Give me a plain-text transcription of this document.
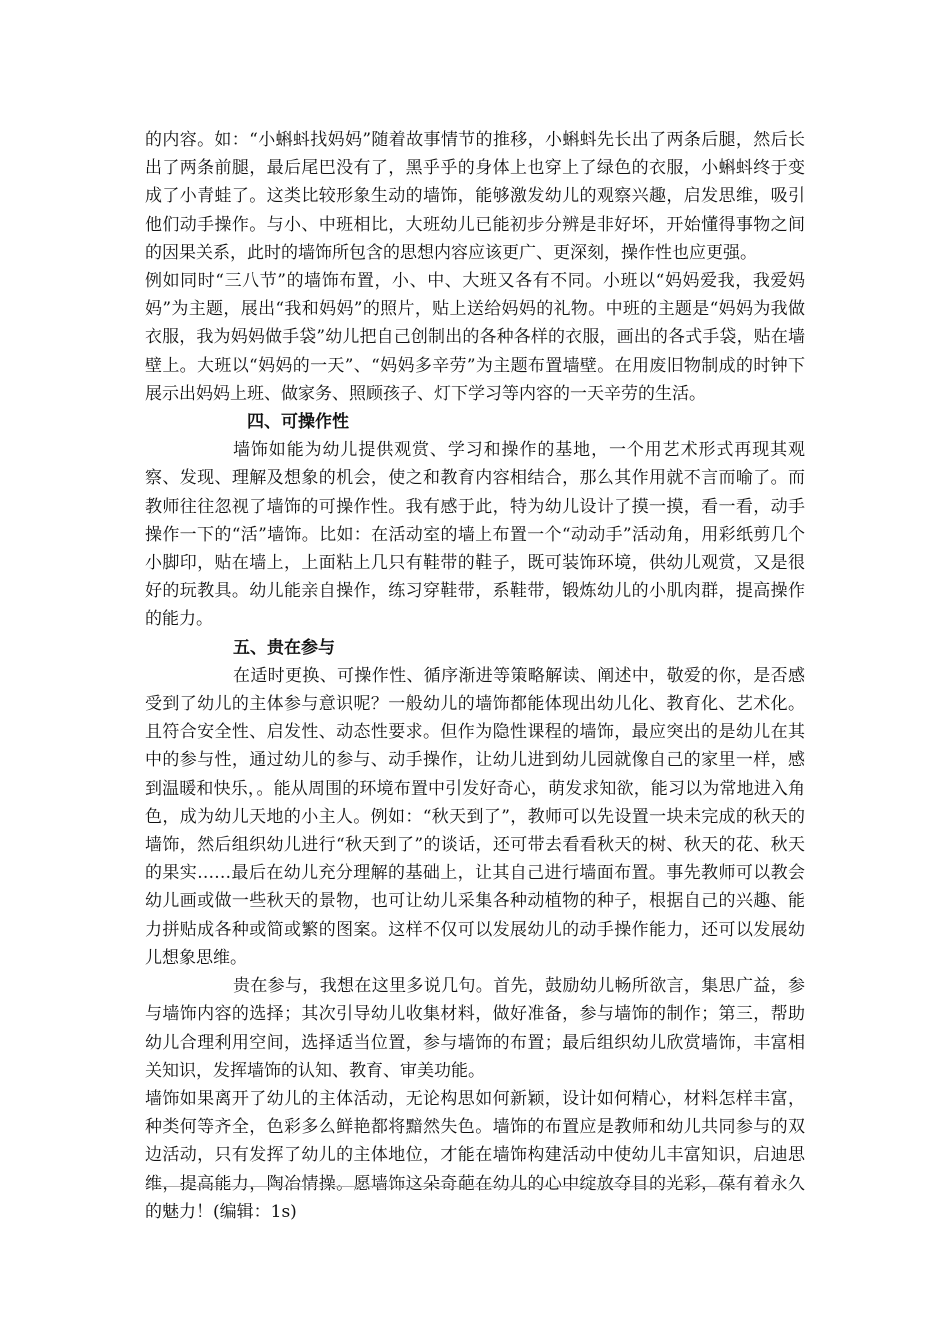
的内容。如：“小蝌蚪找妈妈”随着故事情节的推移，小蝌蚪先长出了两条后腿，然后长出了两条前腿，最后尾巴没有了，黑乎乎的身体上也穿上了绿色的衣服，小蝌蚪终于变成了小青蛙了。这类比较形象生动的墙饰，能够激发幼儿的观察兴趣，启发思维，吸引他们动手操作。与小、中班相比，大班幼儿已能初步分辨是非好坏，开始懂得事物之间的因果关系，此时的墙饰所包含的思想内容应该更广、更深刻，操作性也应更强。

例如同时“三八节”的墙饰布置，小、中、大班又各有不同。小班以“妈妈爱我，我爱妈妈”为主题，展出“我和妈妈”的照片，贴上送给妈妈的礼物。中班的主题是“妈妈为我做衣服，我为妈妈做手袋”幼儿把自己创制出的各种各样的衣服，画出的各式手袋，贴在墙壁上。大班以“妈妈的一天”、“妈妈多辛劳”为主题布置墙壁。在用废旧物制成的时钟下展示出妈妈上班、做家务、照顾孩子、灯下学习等内容的一天辛劳的生活。

四、可操作性

墙饰如能为幼儿提供观赏、学习和操作的基地，一个用艺术形式再现其观察、发现、理解及想象的机会，使之和教育内容相结合，那么其作用就不言而喻了。而教师往往忽视了墙饰的可操作性。我有感于此，特为幼儿设计了摸一摸，看一看，动手操作一下的“活”墙饰。比如：在活动室的墙上布置一个“动动手”活动角，用彩纸剪几个小脚印，贴在墙上，上面粘上几只有鞋带的鞋子，既可装饰环境，供幼儿观赏，又是很好的玩教具。幼儿能亲自操作，练习穿鞋带，系鞋带，锻炼幼儿的小肌肉群，提高操作的能力。

五、贵在参与

在适时更换、可操作性、循序渐进等策略解读、阐述中，敬爱的你，是否感受到了幼儿的主体参与意识呢？一般幼儿的墙饰都能体现出幼儿化、教育化、艺术化。且符合安全性、启发性、动态性要求。但作为隐性课程的墙饰，最应突出的是幼儿在其中的参与性，通过幼儿的参与、动手操作，让幼儿进到幼儿园就像自己的家里一样，感到温暖和快乐，。能从周围的环境布置中引发好奇心，萌发求知欲，能习以为常地进入角色，成为幼儿天地的小主人。例如：“秋天到了”，教师可以先设置一块未完成的秋天的墙饰，然后组织幼儿进行“秋天到了”的谈话，还可带去看看秋天的树、秋天的花、秋天的果实……最后在幼儿充分理解的基础上，让其自己进行墙面布置。事先教师可以教会幼儿画或做一些秋天的景物，也可让幼儿采集各种动植物的种子，根据自己的兴趣、能力拼贴成各种或简或繁的图案。这样不仅可以发展幼儿的动手操作能力，还可以发展幼儿想象思维。

贵在参与，我想在这里多说几句。首先，鼓励幼儿畅所欲言，集思广益，参与墙饰内容的选择；其次引导幼儿收集材料，做好准备，参与墙饰的制作；第三，帮助幼儿合理利用空间，选择适当位置，参与墙饰的布置；最后组织幼儿欣赏墙饰，丰富相关知识，发挥墙饰的认知、教育、审美功能。

墙饰如果离开了幼儿的主体活动，无论构思如何新颖，设计如何精心，材料怎样丰富，种类何等齐全，色彩多么鲜艳都将黯然失色。墙饰的布置应是教师和幼儿共同参与的双边活动，只有发挥了幼儿的主体地位，才能在墙饰构建活动中使幼儿丰富知识，启迪思维，提高能力，陶冶情操。愿墙饰这朵奇葩在幼儿的心中绽放夺目的光彩，葆有着永久的魅力！(编辑：1s)
